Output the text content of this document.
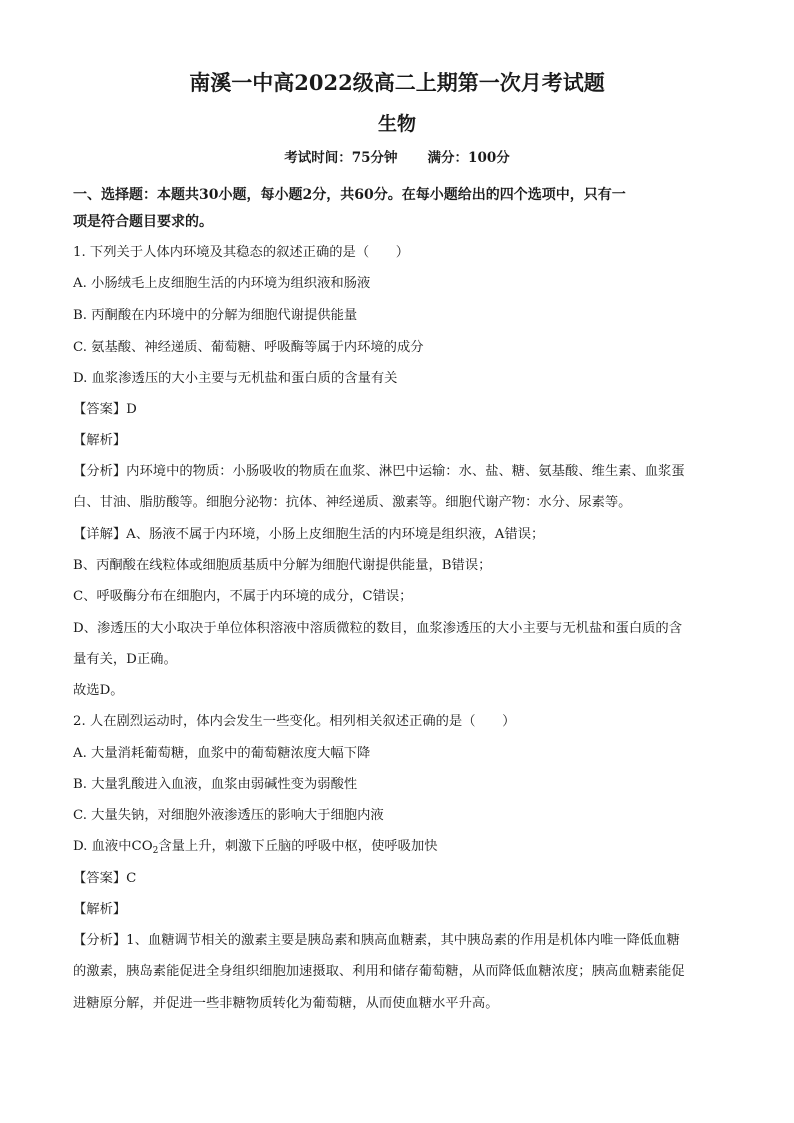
南溪一中高2022级高二上期第一次月考试题
生物
考试时间：75分钟 满分：100分
一、选择题：本题共30小题，每小题2分，共60分。在每小题给出的四个选项中，只有一
项是符合题目要求的。
1. 下列关于人体内环境及其稳态的叙述正确的是（　　）
A. 小肠绒毛上皮细胞生活的内环境为组织液和肠液
B. 丙酮酸在内环境中的分解为细胞代谢提供能量
C. 氨基酸、神经递质、葡萄糖、呼吸酶等属于内环境的成分
D. 血浆渗透压的大小主要与无机盐和蛋白质的含量有关
【答案】D
【解析】
【分析】内环境中的物质：小肠吸收的物质在血浆、淋巴中运输：水、盐、糖、氨基酸、维生素、血浆蛋
白、甘油、脂肪酸等。细胞分泌物：抗体、神经递质、激素等。细胞代谢产物：水分、尿素等。
【详解】A、肠液不属于内环境，小肠上皮细胞生活的内环境是组织液，A错误；
B、丙酮酸在线粒体或细胞质基质中分解为细胞代谢提供能量，B错误；
C、呼吸酶分布在细胞内，不属于内环境的成分，C错误；
D、渗透压的大小取决于单位体积溶液中溶质微粒的数目，血浆渗透压的大小主要与无机盐和蛋白质的含
量有关，D正确。
故选D。
2. 人在剧烈运动时，体内会发生一些变化。相列相关叙述正确的是（　　）
A. 大量消耗葡萄糖，血浆中的葡萄糖浓度大幅下降
B. 大量乳酸进入血液，血浆由弱碱性变为弱酸性
C. 大量失钠，对细胞外液渗透压的影响大于细胞内液
D. 血液中$CO_2$含量上升，刺激下丘脑的呼吸中枢，使呼吸加快
【答案】C
【解析】
【分析】1、血糖调节相关的激素主要是胰岛素和胰高血糖素，其中胰岛素的作用是机体内唯一降低血糖
的激素，胰岛素能促进全身组织细胞加速摄取、利用和储存葡萄糖，从而降低血糖浓度；胰高血糖素能促
进糖原分解，并促进一些非糖物质转化为葡萄糖，从而使血糖水平升高。
